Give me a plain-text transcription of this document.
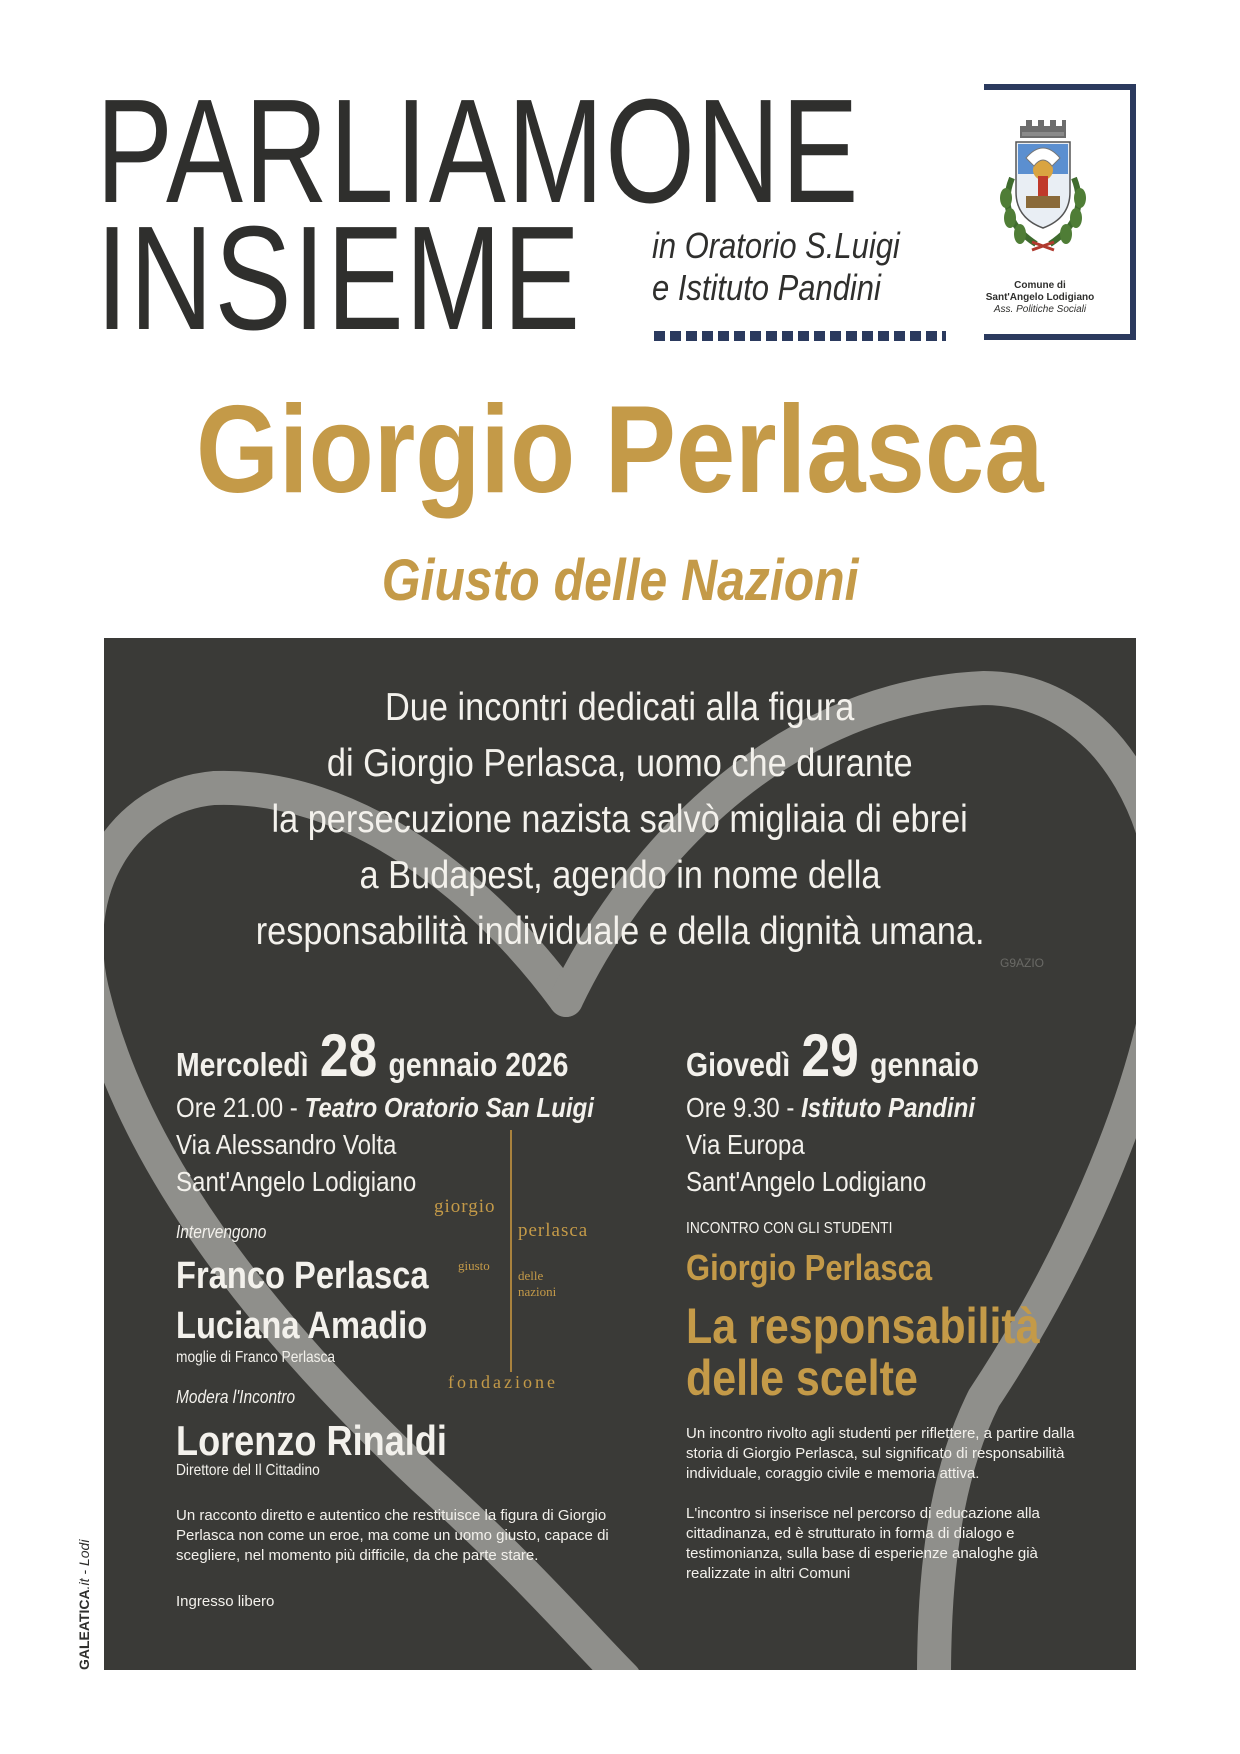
PARLIAMONE
INSIEME in Oratorio S.Luigi
e Istituto Pandini	Comune di
Sant'Angelo Lodigiano
Ass. Politiche Sociali
Giorgio Perlasca
Giusto delle Nazioni
Due incontri dedicati alla figura
di Giorgio Perlasca, uomo che durante
la persecuzione nazista salvò migliaia di ebrei
a Budapest, agendo in nome della
responsabilità individuale e della dignità umana.
G9AZIO
Mercoledì 28 gennaio 2026
Ore 21.00 - Teatro Oratorio San Luigi
Via Alessandro Volta
Sant'Angelo Lodigiano
Intervengono
Franco Perlasca
Luciana Amadio
moglie di Franco Perlasca
Modera l'Incontro
Lorenzo Rinaldi
Direttore del Il Cittadino
Un racconto diretto e autentico che restituisce la figura di Giorgio Perlasca non come un eroe, ma come un uomo giusto, capace di scegliere, nel momento più difficile, da che parte stare.
Ingresso libero
giorgio
perlasca
giusto
delle
nazioni
fondazione
Giovedì 29 gennaio
Ore 9.30 - Istituto Pandini
Via Europa
Sant'Angelo Lodigiano
INCONTRO CON GLI STUDENTI
Giorgio Perlasca
La responsabilità
delle scelte
Un incontro rivolto agli studenti per riflettere, a partire dalla storia di Giorgio Perlasca, sul significato di responsabilità individuale, coraggio civile e memoria attiva.
L'incontro si inserisce nel percorso di educazione alla cittadinanza, ed è strutturato in forma di dialogo e testimonianza, sulla base di esperienze analoghe già realizzate in altri Comuni
GALEATICA.it - Lodi
